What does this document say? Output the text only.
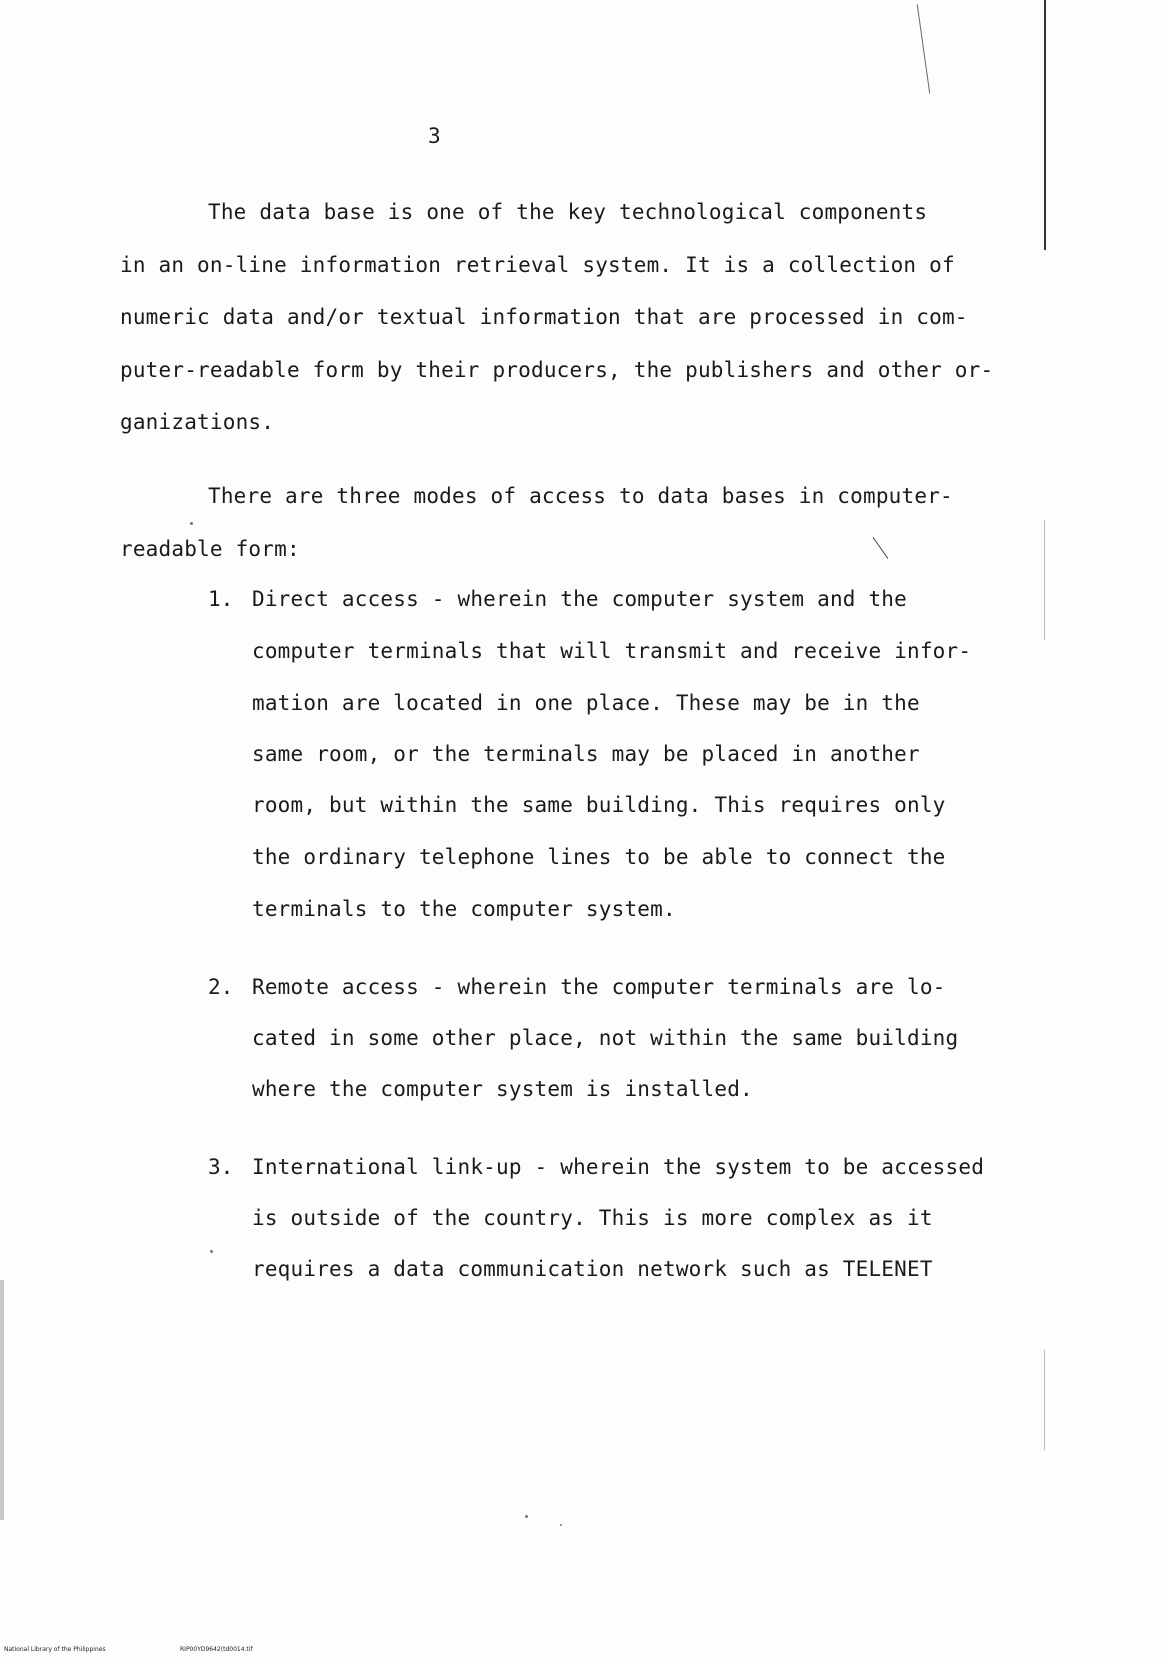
3
The data base is one of the key technological components
in an on-line information retrieval system. It is a collection of
numeric data and/or textual information that are processed in com-
puter-readable form by their producers, the publishers and other or-
ganizations.
There are three modes of access to data bases in computer-
readable form:
1. Direct access - wherein the computer system and the
computer terminals that will transmit and receive infor-
mation are located in one place. These may be in the
same room, or the terminals may be placed in another
room, but within the same building. This requires only
the ordinary telephone lines to be able to connect the
terminals to the computer system.
2. Remote access - wherein the computer terminals are lo-
cated in some other place, not within the same building
where the computer system is installed.
3. International link-up - wherein the system to be accessed
is outside of the country. This is more complex as it
requires a data communication network such as TELENET
National Library of the Philippines	RIP00YD9642(td0014.tif
